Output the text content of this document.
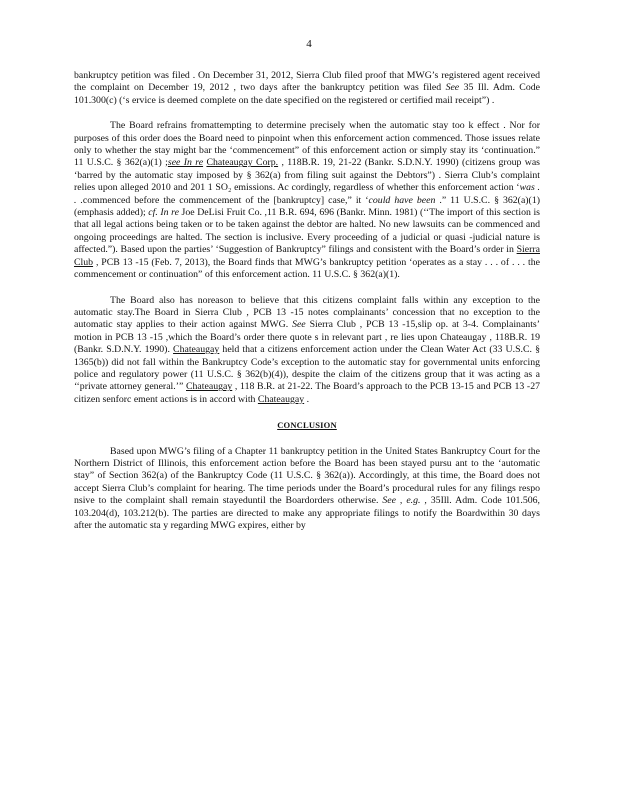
4

bankruptcy petition was filed . On December 31, 2012, Sierra Club filed proof that MWG’s registered agent received the complaint on December 19, 2012 , two days after the bankruptcy petition was filed See 35 Ill. Adm. Code 101.300(c) (‘s ervice is deemed complete on the date specified on the registered or certified mail receipt”) .

The Board refrains fromattempting to determine precisely when the automatic stay too k effect . Nor for purposes of this order does the Board need to pinpoint when this enforcement action commenced. Those issues relate only to whether the stay might bar the ‘commencement” of this enforcement action or simply stay its ‘continuation.” 11 U.S.C. § 362(a)(1) ;see In re Chateaugay Corp. , 118B.R. 19, 21-22 (Bankr. S.D.N.Y. 1990) (citizens group was ‘barred by the automatic stay imposed by § 362(a) from filing suit against the Debtors”) . Sierra Club’s complaint relies upon alleged 2010 and 201 1 SO₂ emissions. Ac cordingly, regardless of whether this enforcement action ‘was . . .commenced before the commencement of the [bankruptcy] case,” it ‘could have been .” 11 U.S.C. § 362(a)(1) (emphasis added); cf. In re Joe DeLisi Fruit Co. ,11 B.R. 694, 696 (Bankr. Minn. 1981) (‘‘The import of this section is that all legal actions being taken or to be taken against the debtor are halted. No new lawsuits can be commenced and ongoing proceedings are halted. The section is inclusive. Every proceeding of a judicial or quasi -judicial nature is affected.”). Based upon the parties’ ‘Suggestion of Bankruptcy” filings and consistent with the Board’s order in Sierra Club , PCB 13 -15 (Feb. 7, 2013), the Board finds that MWG’s bankruptcy petition ‘operates as a stay . . . of . . . the commencement or continuation” of this enforcement action. 11 U.S.C. § 362(a)(1).

The Board also has noreason to believe that this citizens complaint falls within any exception to the automatic stay.The Board in Sierra Club , PCB 13 -15 notes complainants’ concession that no exception to the automatic stay applies to their action against MWG. See Sierra Club , PCB 13 -15,slip op. at 3-4. Complainants’ motion in PCB 13 -15 ,which the Board’s order there quote s in relevant part , re lies upon Chateaugay , 118B.R. 19 (Bankr. S.D.N.Y. 1990). Chateaugay held that a citizens enforcement action under the Clean Water Act (33 U.S.C. § 1365(b)) did not fall within the Bankruptcy Code’s exception to the automatic stay for governmental units enforcing police and regulatory power (11 U.S.C. § 362(b)(4)), despite the claim of the citizens group that it was acting as a ‘‘private attorney general.’” Chateaugay , 118 B.R. at 21-22. The Board’s approach to the PCB 13-15 and PCB 13 -27 citizen senforc ement actions is in accord with Chateaugay .

CONCLUSION

Based upon MWG’s filing of a Chapter 11 bankruptcy petition in the United States Bankruptcy Court for the Northern District of Illinois, this enforcement action before the Board has been stayed pursu ant to the ‘automatic stay” of Section 362(a) of the Bankruptcy Code (11 U.S.C. § 362(a)). Accordingly, at this time, the Board does not accept Sierra Club’s complaint for hearing. The time periods under the Board’s procedural rules for any filings respo nsive to the complaint shall remain stayeduntil the Boardorders otherwise. See , e.g. , 35Ill. Adm. Code 101.506, 103.204(d), 103.212(b). The parties are directed to make any appropriate filings to notify the Boardwithin 30 days after the automatic sta y regarding MWG expires, either by
